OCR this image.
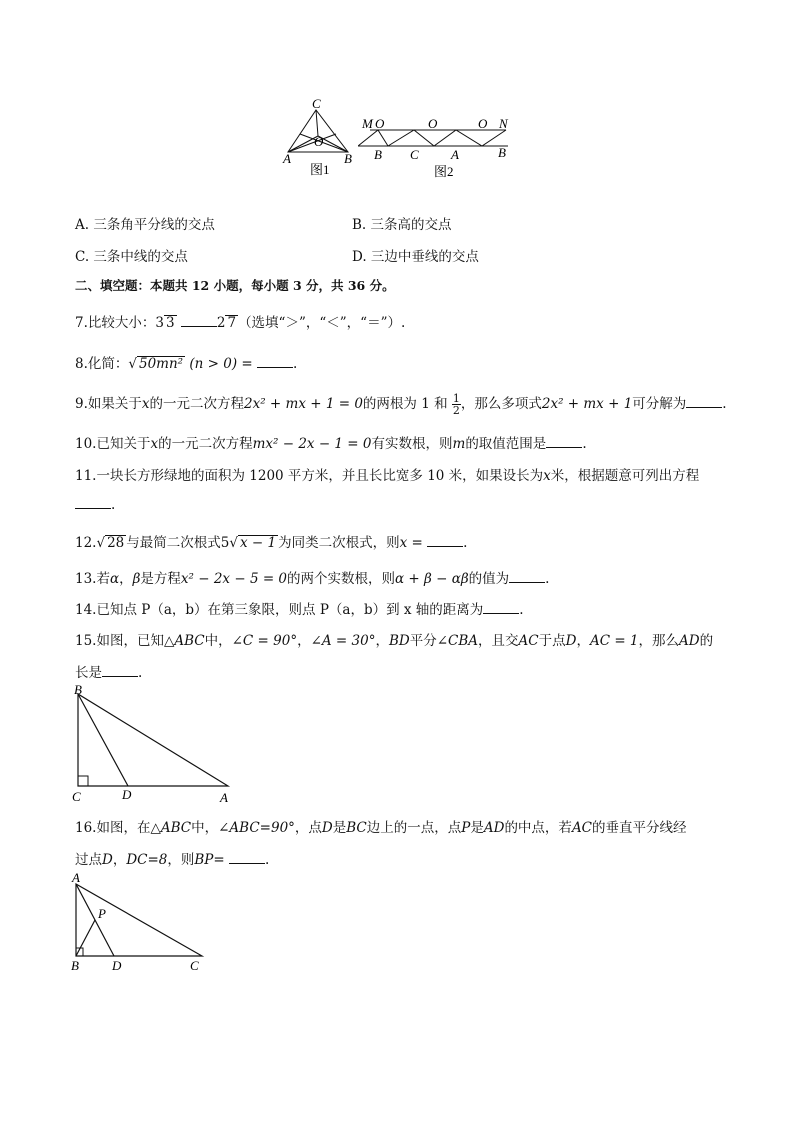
C
O
A	B
图1
M O	O	O N
B C A	B
图2
A. 三条角平分线的交点	B. 三条高的交点
C. 三条中线的交点	D. 三边中垂线的交点
二、填空题：本题共 12 小题，每小题 3 分，共 36 分。
7.比较大小：3 3	2 7 （选填“＞”，“＜”，“＝”）.
8.化简：√ 50mn² (n > 0) =	.
9.如果关于x的一元二次方程2x² + mx + 1 = 0的两根为 1 和 $\frac{1}{2}$ ，那么多项式2x² + mx + 1可分解为	.
10.已知关于x的一元二次方程mx² − 2x − 1 = 0有实数根，则m的取值范围是	.
11.一块长方形绿地的面积为 1200 平方米，并且长比宽多 10 米，如果设长为x米，根据题意可列出方程
.
12.√ 28 与最简二次根式5√ x − 1 为同类二次根式，则x =	.
13.若α，β是方程x² − 2x − 5 = 0的两个实数根，则α + β − αβ的值为	.
14.已知点 P（a，b）在第三象限，则点 P（a，b）到 x 轴的距离为	.
15.如图，已知△ABC中，∠C = 90°，∠A = 30°，BD平分∠CBA，且交AC于点D，AC = 1，那么AD的
长是	.
B
C	D	A
16.如图，在△ABC中，∠ABC=90°，点D是BC边上的一点，点P是AD的中点，若AC的垂直平分线经
过点D，DC=8，则BP=	.
A
P
B	D	C
